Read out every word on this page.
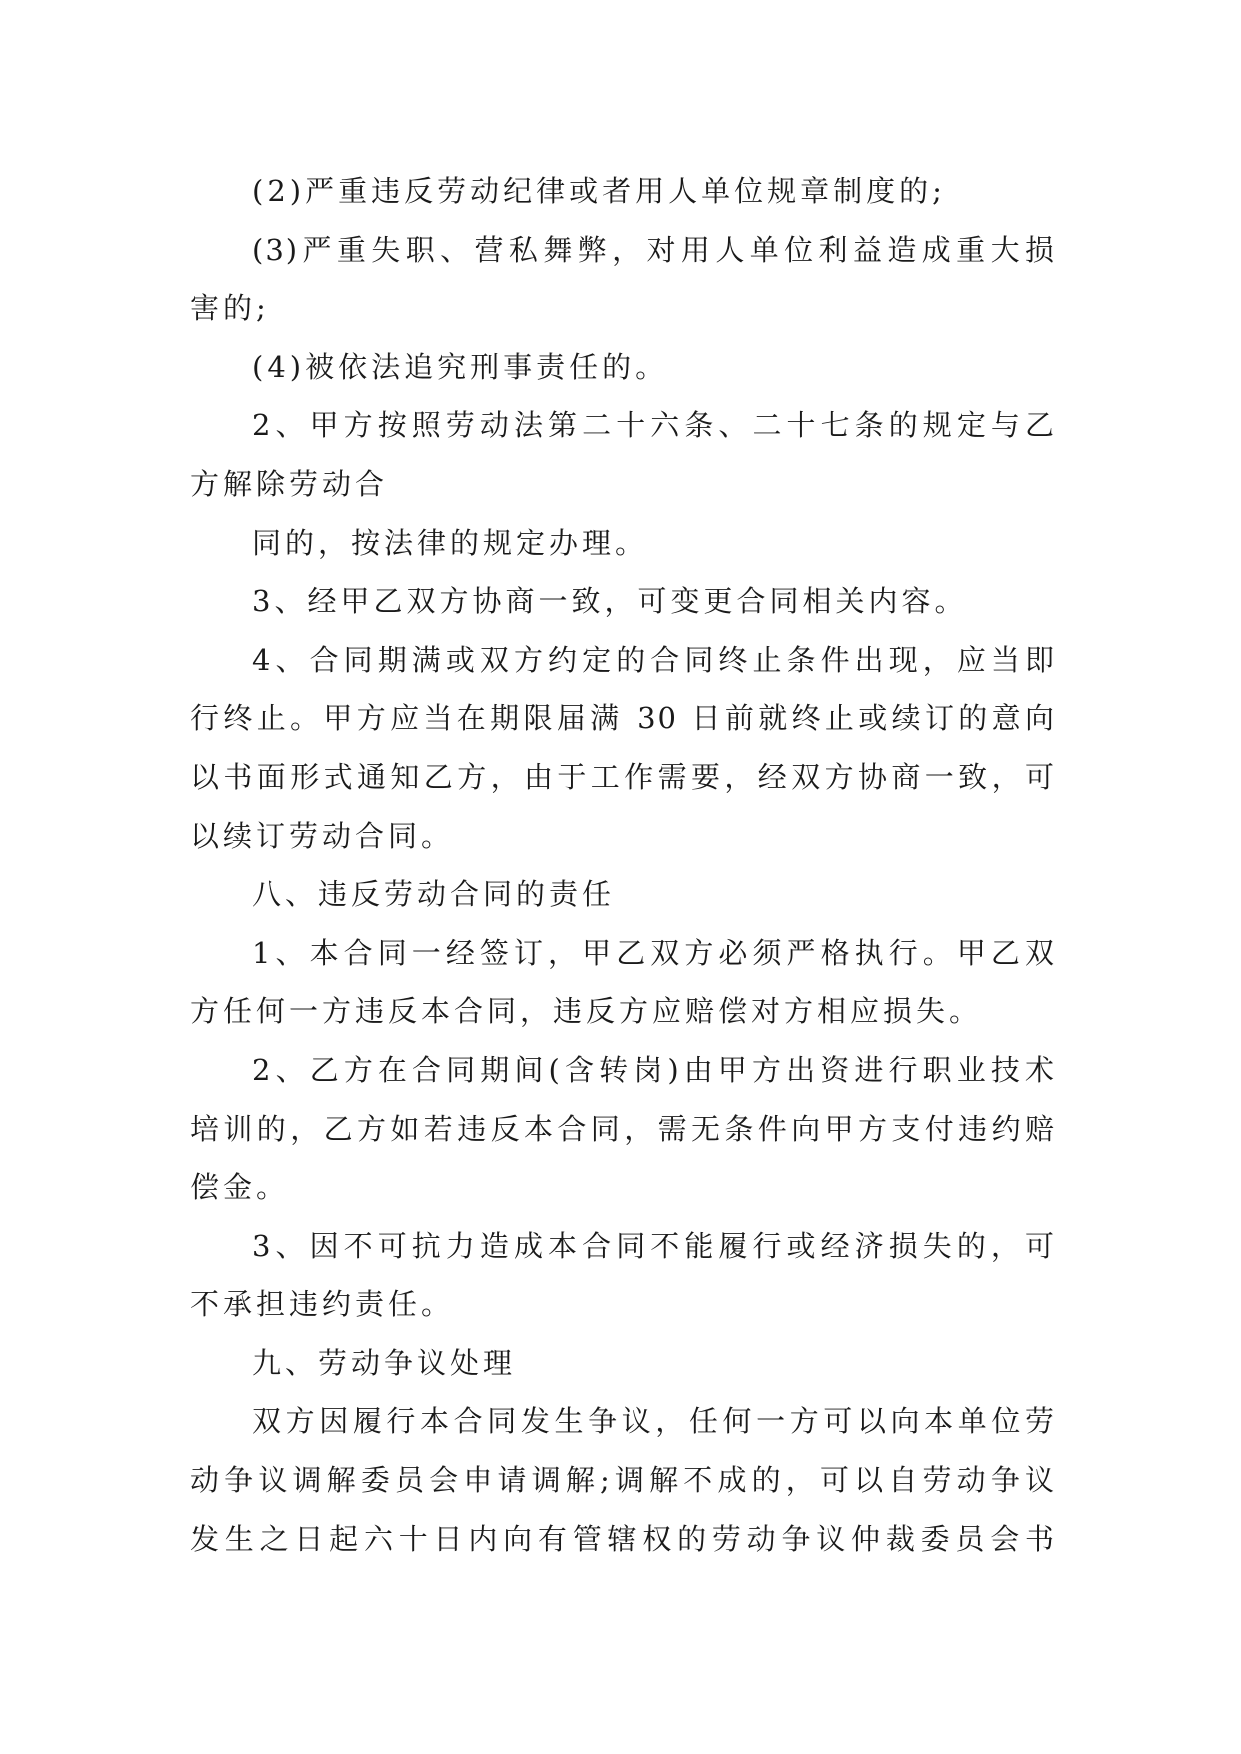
(2)严重违反劳动纪律或者用人单位规章制度的;
(3)严重失职、营私舞弊，对用人单位利益造成重大损
害的;
(4)被依法追究刑事责任的。
2、甲方按照劳动法第二十六条、二十七条的规定与乙
方解除劳动合
同的，按法律的规定办理。
3、经甲乙双方协商一致，可变更合同相关内容。
4、合同期满或双方约定的合同终止条件出现，应当即
行终止。甲方应当在期限届满 30 日前就终止或续订的意向
以书面形式通知乙方，由于工作需要，经双方协商一致，可
以续订劳动合同。
八、违反劳动合同的责任
1、本合同一经签订，甲乙双方必须严格执行。甲乙双
方任何一方违反本合同，违反方应赔偿对方相应损失。
2、乙方在合同期间(含转岗)由甲方出资进行职业技术
培训的，乙方如若违反本合同，需无条件向甲方支付违约赔
偿金。
3、因不可抗力造成本合同不能履行或经济损失的，可
不承担违约责任。
九、劳动争议处理
双方因履行本合同发生争议，任何一方可以向本单位劳
动争议调解委员会申请调解;调解不成的，可以自劳动争议
发生之日起六十日内向有管辖权的劳动争议仲裁委员会书
